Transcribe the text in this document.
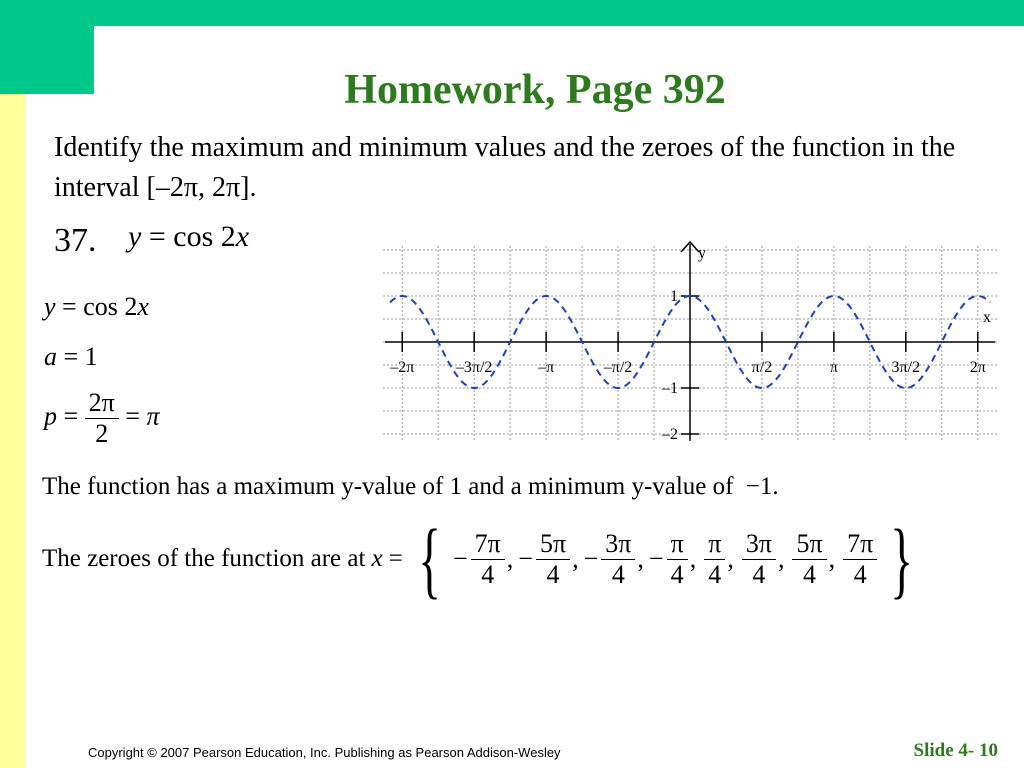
Homework, Page 392

Identify the maximum and minimum values and the zeroes of the function in the interval [–2π, 2π].

37. y = cos 2x
y = cos 2x
a = 1
$p = \frac{2\pi}{2} = \pi$
–2π	–3π/2	–π	–π/2	π/2	π	3π/2	2π
1
–1
–2
x
y
The function has a maximum y-value of 1 and a minimum y-value of −1.
The zeroes of the function are at x = { − $\frac{7\pi}{4}$ , − $\frac{5\pi}{4}$ , − $\frac{3\pi}{4}$ , − $\frac{\pi}{4}$ , $\frac{\pi}{4}$ , $\frac{3\pi}{4}$ , $\frac{5\pi}{4}$ , $\frac{7\pi}{4}$ }
Copyright © 2007 Pearson Education, Inc. Publishing as Pearson Addison-Wesley	Slide 4- 10
